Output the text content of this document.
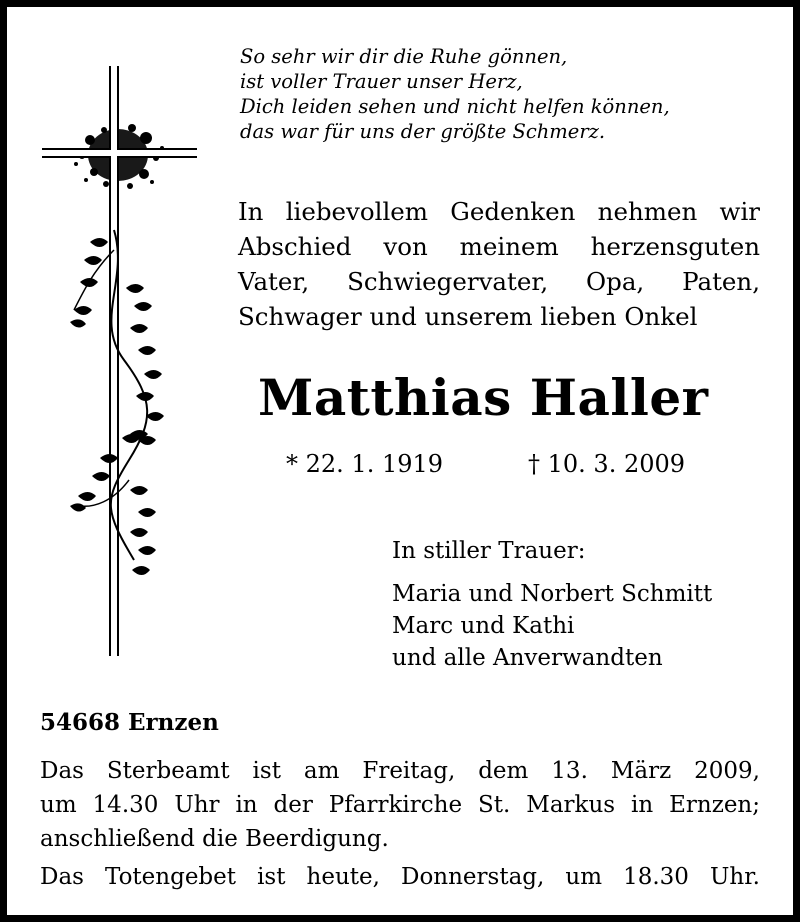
So sehr wir dir die Ruhe gönnen,
ist voller Trauer unser Herz,
Dich leiden sehen und nicht helfen können,
das war für uns der größte Schmerz.
In liebevollem Gedenken nehmen wir
Abschied von meinem herzensguten
Vater, Schwiegervater, Opa, Paten,
Schwager und unserem lieben Onkel
Matthias Haller
* 22. 1. 1919	† 10. 3. 2009
In stiller Trauer:
Maria und Norbert Schmitt
Marc und Kathi
und alle Anverwandten
54668 Ernzen
Das Sterbeamt ist am Freitag, dem 13. März 2009,
um 14.30 Uhr in der Pfarrkirche St. Markus in Ernzen;
anschließend die Beerdigung.
Das Totengebet ist heute, Donnerstag, um 18.30 Uhr.
